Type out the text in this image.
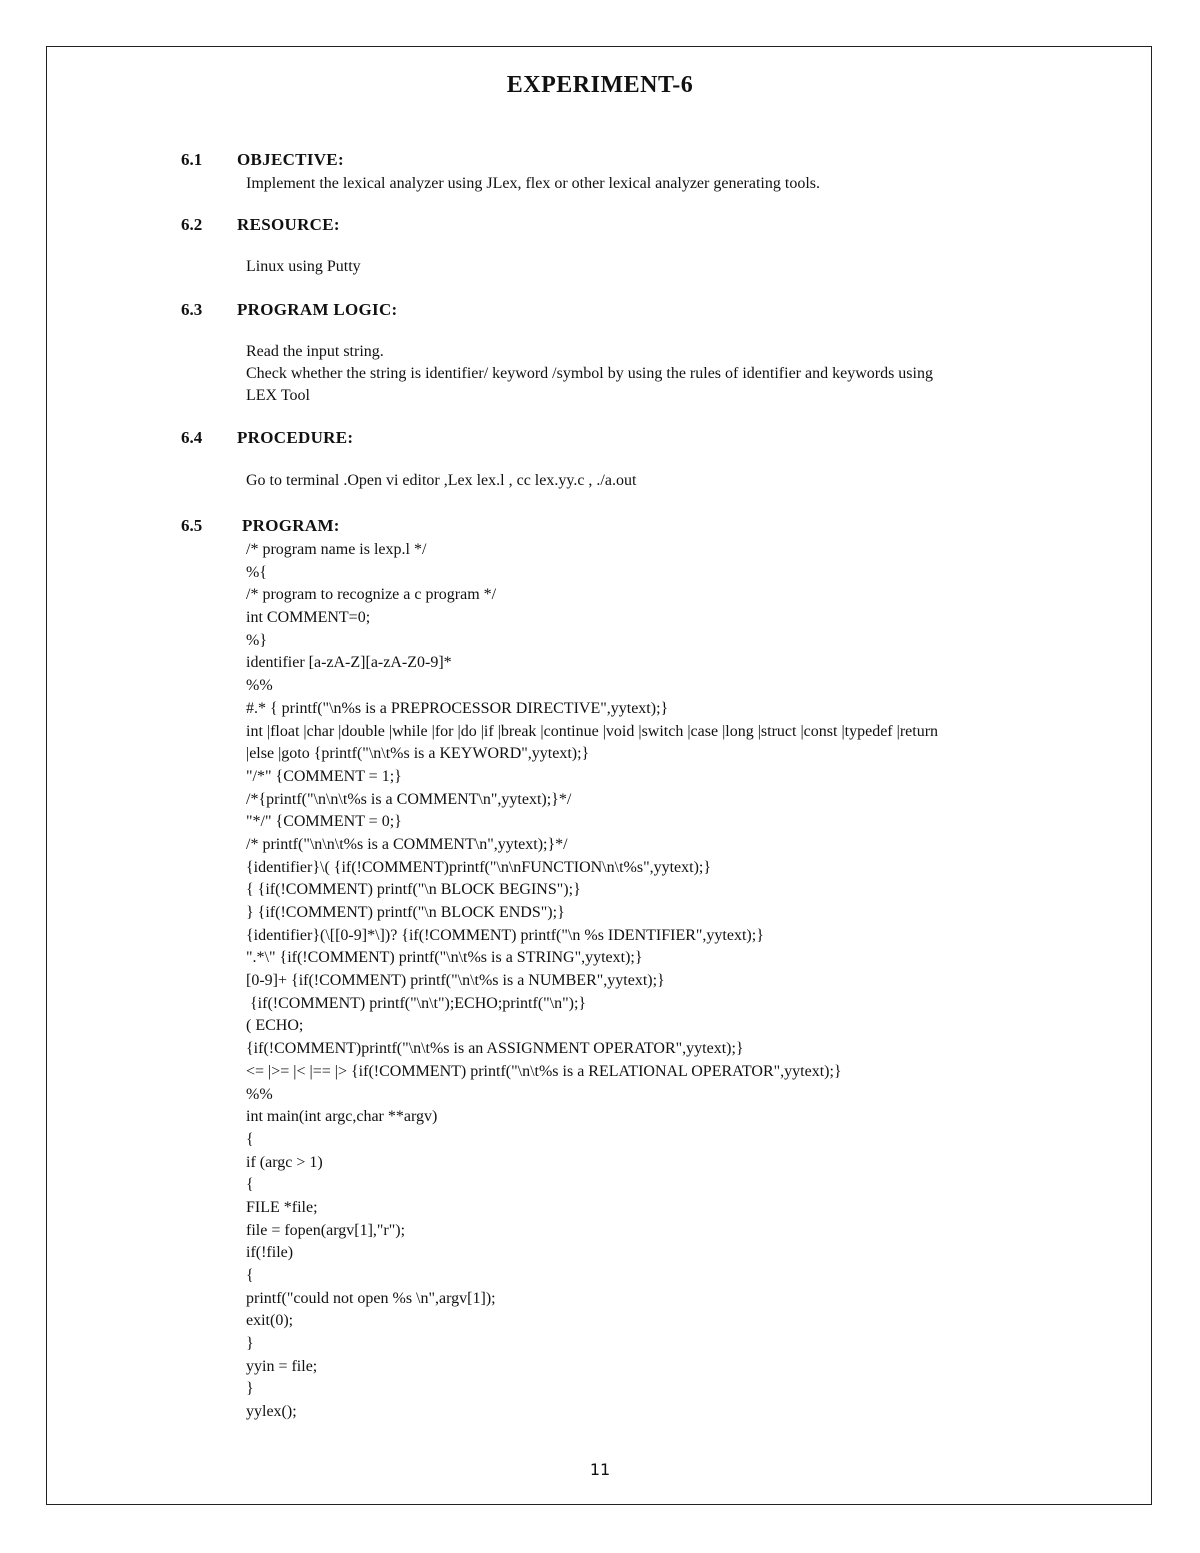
EXPERIMENT-6
6.1 OBJECTIVE:
Implement the lexical analyzer using JLex, flex or other lexical analyzer generating tools.
6.2 RESOURCE:
Linux using Putty
6.3 PROGRAM LOGIC:
Read the input string.
Check whether the string is identifier/ keyword /symbol by using the rules of identifier and keywords using
LEX Tool
6.4 PROCEDURE:
Go to terminal .Open vi editor ,Lex lex.l , cc lex.yy.c , ./a.out
6.5 PROGRAM:
/* program name is lexp.l */
%{
/* program to recognize a c program */
int COMMENT=0;
%}
identifier [a-zA-Z][a-zA-Z0-9]*
%%
#.* { printf("\n%s is a PREPROCESSOR DIRECTIVE",yytext);}
int |float |char |double |while |for |do |if |break |continue |void |switch |case |long |struct |const |typedef |return
|else |goto {printf("\n\t%s is a KEYWORD",yytext);}
"/*" {COMMENT = 1;}
/*{printf("\n\n\t%s is a COMMENT\n",yytext);}*/
"*/" {COMMENT = 0;}
/* printf("\n\n\t%s is a COMMENT\n",yytext);}*/
{identifier}\( {if(!COMMENT)printf("\n\nFUNCTION\n\t%s",yytext);}
{ {if(!COMMENT) printf("\n BLOCK BEGINS");}
} {if(!COMMENT) printf("\n BLOCK ENDS");}
{identifier}(\[[0-9]*\])? {if(!COMMENT) printf("\n %s IDENTIFIER",yytext);}
".*\" {if(!COMMENT) printf("\n\t%s is a STRING",yytext);}
[0-9]+ {if(!COMMENT) printf("\n\t%s is a NUMBER",yytext);}
{if(!COMMENT) printf("\n\t");ECHO;printf("\n");}
( ECHO;
{if(!COMMENT)printf("\n\t%s is an ASSIGNMENT OPERATOR",yytext);}
<= |>= |< |== |> {if(!COMMENT) printf("\n\t%s is a RELATIONAL OPERATOR",yytext);}
%%
int main(int argc,char **argv)
{
if (argc > 1)
{
FILE *file;
file = fopen(argv[1],"r");
if(!file)
{
printf("could not open %s \n",argv[1]);
exit(0);
}
yyin = file;
}
yylex();
11
